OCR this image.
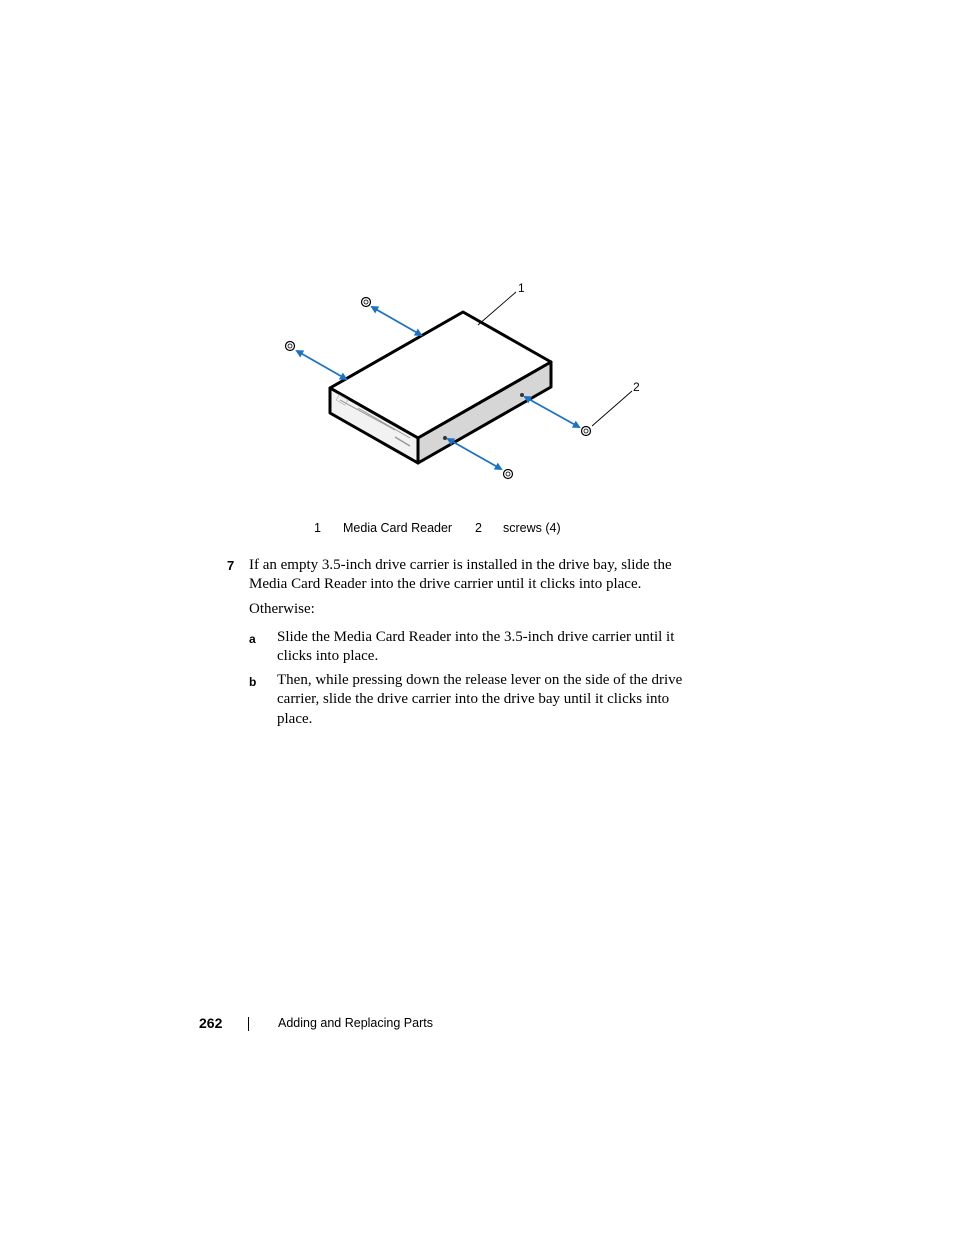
1
2
1 Media Card Reader 2 screws (4)
7 If an empty 3.5-inch drive carrier is installed in the drive bay, slide the
Media Card Reader into the drive carrier until it clicks into place.
Otherwise:
a Slide the Media Card Reader into the 3.5-inch drive carrier until it
clicks into place.
b Then, while pressing down the release lever on the side of the drive
carrier, slide the drive carrier into the drive bay until it clicks into
place.
262	Adding and Replacing Parts
